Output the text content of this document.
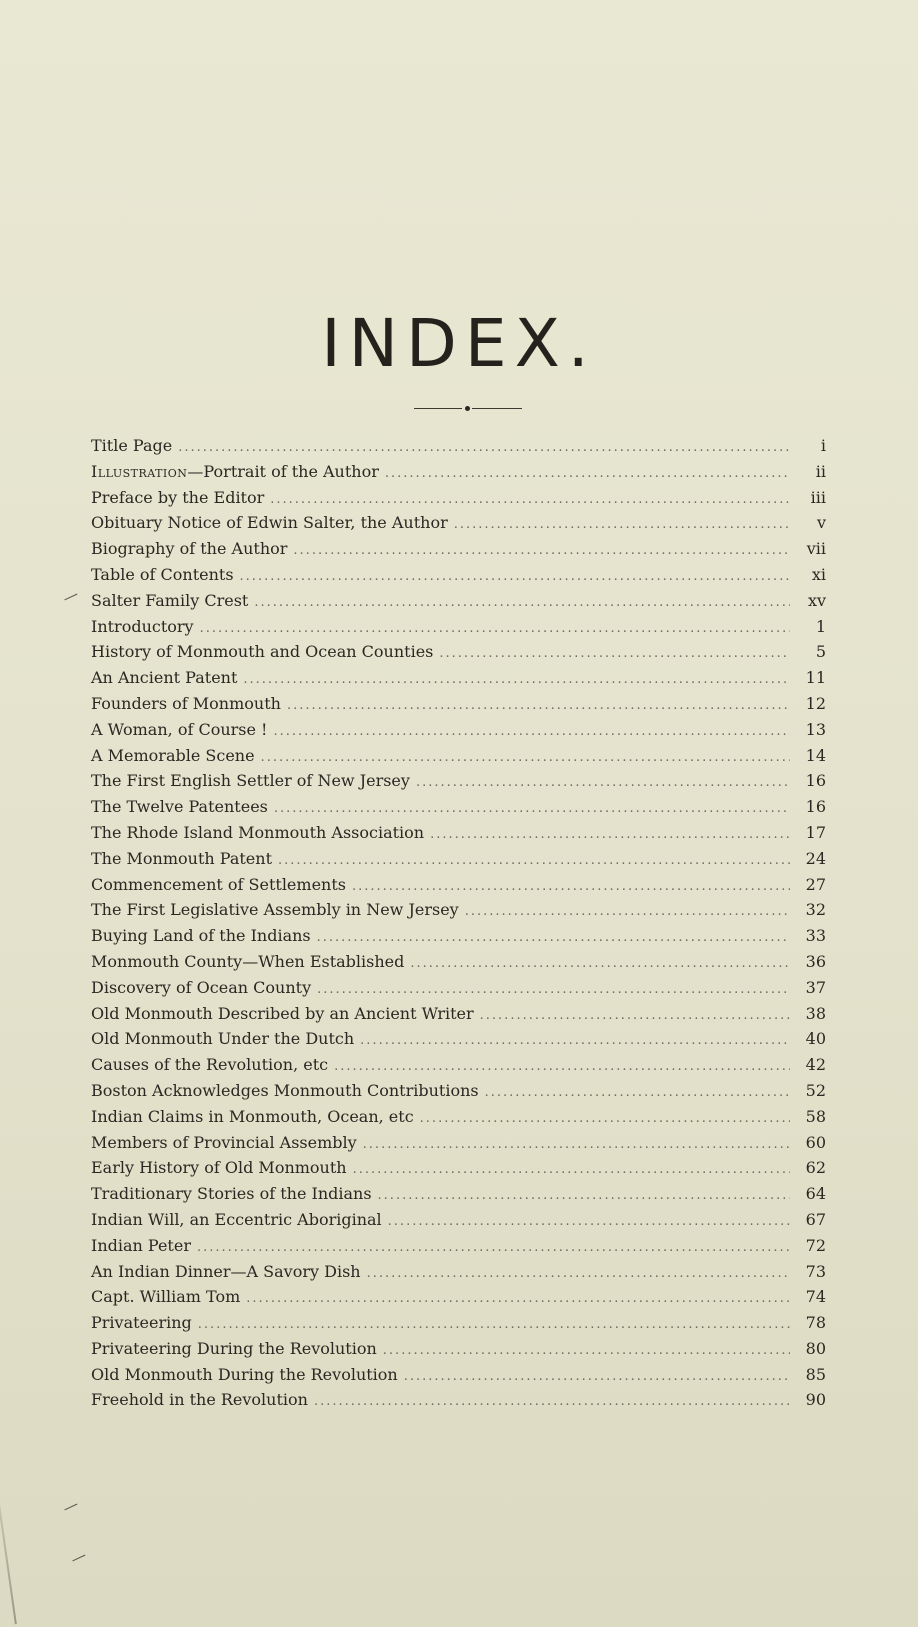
INDEX.
Title Page .....	i
Illustration—Portrait of the Author .....	ii
Preface by the Editor .....	iii
Obituary Notice of Edwin Salter, the Author .....	v
Biography of the Author .....	vii
Table of Contents .....	xi
Salter Family Crest .....	xv
Introductory .....	1
History of Monmouth and Ocean Counties .....	5
An Ancient Patent .....	11
Founders of Monmouth .....	12
A Woman, of Course ! .....	13
A Memorable Scene .....	14
The First English Settler of New Jersey .....	16
The Twelve Patentees .....	16
The Rhode Island Monmouth Association .....	17
The Monmouth Patent .....	24
Commencement of Settlements .....	27
The First Legislative Assembly in New Jersey .....	32
Buying Land of the Indians .....	33
Monmouth County—When Established .....	36
Discovery of Ocean County .....	37
Old Monmouth Described by an Ancient Writer .....	38
Old Monmouth Under the Dutch .....	40
Causes of the Revolution, etc .....	42
Boston Acknowledges Monmouth Contributions .....	52
Indian Claims in Monmouth, Ocean, etc .....	58
Members of Provincial Assembly .....	60
Early History of Old Monmouth .....	62
Traditionary Stories of the Indians .....	64
Indian Will, an Eccentric Aboriginal .....	67
Indian Peter .....	72
An Indian Dinner—A Savory Dish .....	73
Capt. William Tom .....	74
Privateering .....	78
Privateering During the Revolution .....	80
Old Monmouth During the Revolution .....	85
Freehold in the Revolution .....	90
